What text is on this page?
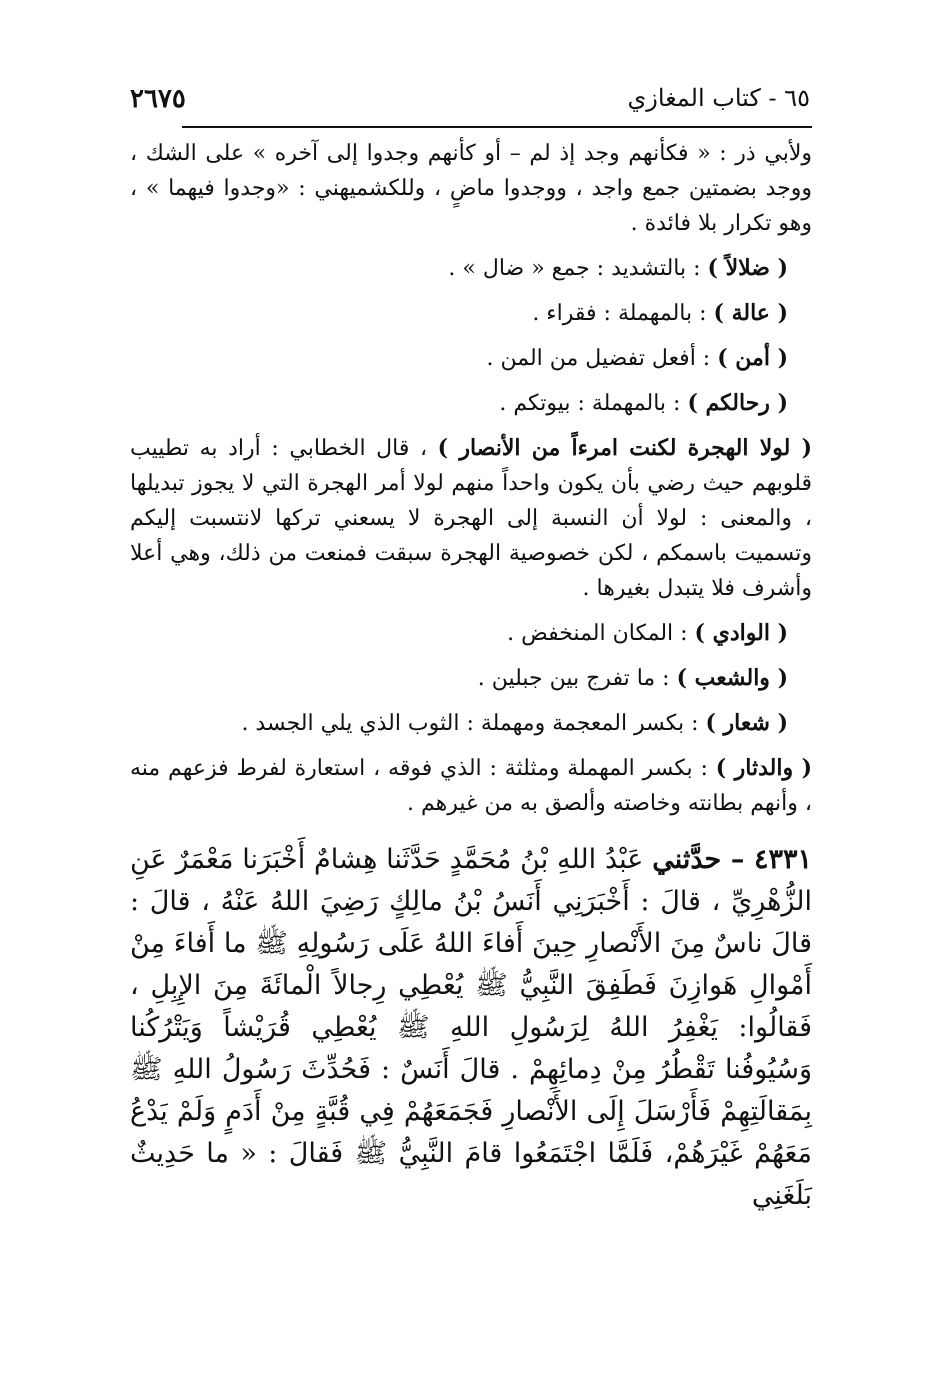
٢٦٧٥	٦٥ - كتاب المغازي

ولأبي ذر : « فكأنهم وجد إذ لم – أو كأنهم وجدوا إلى آخره » على الشك ، ووجد بضمتين جمع واجد ، ووجدوا ماضٍ ، وللكشميهني : «وجدوا فيهما » ، وهو تكرار بلا فائدة .

( ضلالاً ) : بالتشديد : جمع « ضال » .

( عالة ) : بالمهملة : فقراء .

( أمن ) : أفعل تفضيل من المن .

( رحالكم ) : بالمهملة : بيوتكم .

( لولا الهجرة لكنت امرءاً من الأنصار ) ، قال الخطابي : أراد به تطييب قلوبهم حيث رضي بأن يكون واحداً منهم لولا أمر الهجرة التي لا يجوز تبديلها ، والمعنى : لولا أن النسبة إلى الهجرة لا يسعني تركها لانتسبت إليكم وتسميت باسمكم ، لكن خصوصية الهجرة سبقت فمنعت من ذلك، وهي أعلا وأشرف فلا يتبدل بغيرها .

( الوادي ) : المكان المنخفض .

( والشعب ) : ما تفرج بين جبلين .

( شعار ) : بكسر المعجمة ومهملة : الثوب الذي يلي الجسد .

( والدثار ) : بكسر المهملة ومثلثة : الذي فوقه ، استعارة لفرط فزعهم منه ، وأنهم بطانته وخاصته وألصق به من غيرهم .

٤٣٣١ – حدَّثني عَبْدُ اللهِ بْنُ مُحَمَّدٍ حَدَّثَنا هِشامٌ أَخْبَرَنا مَعْمَرٌ عَنِ الزُّهْرِيِّ ، قالَ : أَخْبَرَنِي أَنَسُ بْنُ مالِكٍ رَضِيَ اللهُ عَنْهُ ، قالَ : قالَ ناسٌ مِنَ الأَنْصارِ حِينَ أَفاءَ اللهُ عَلَى رَسُولِهِ ﷺ ما أَفاءَ مِنْ أَمْوالِ هَوازِنَ فَطَفِقَ النَّبِيُّ ﷺ يُعْطِي رِجالاً الْمائَةَ مِنَ الإِبِلِ ، فَقالُوا: يَغْفِرُ اللهُ لِرَسُولِ اللهِ ﷺ يُعْطِي قُرَيْشاً وَيَتْرُكُنا وَسُيُوفُنا تَقْطُرُ مِنْ دِمائِهِمْ . قالَ أَنَسٌ : فَحُدِّثَ رَسُولُ اللهِ ﷺ بِمَقالَتِهِمْ فَأَرْسَلَ إِلَى الأَنْصارِ فَجَمَعَهُمْ فِي قُبَّةٍ مِنْ أَدَمٍ وَلَمْ يَدْعُ مَعَهُمْ غَيْرَهُمْ، فَلَمَّا اجْتَمَعُوا قامَ النَّبِيُّ ﷺ فَقالَ : « ما حَدِيثٌ بَلَغَنِي
